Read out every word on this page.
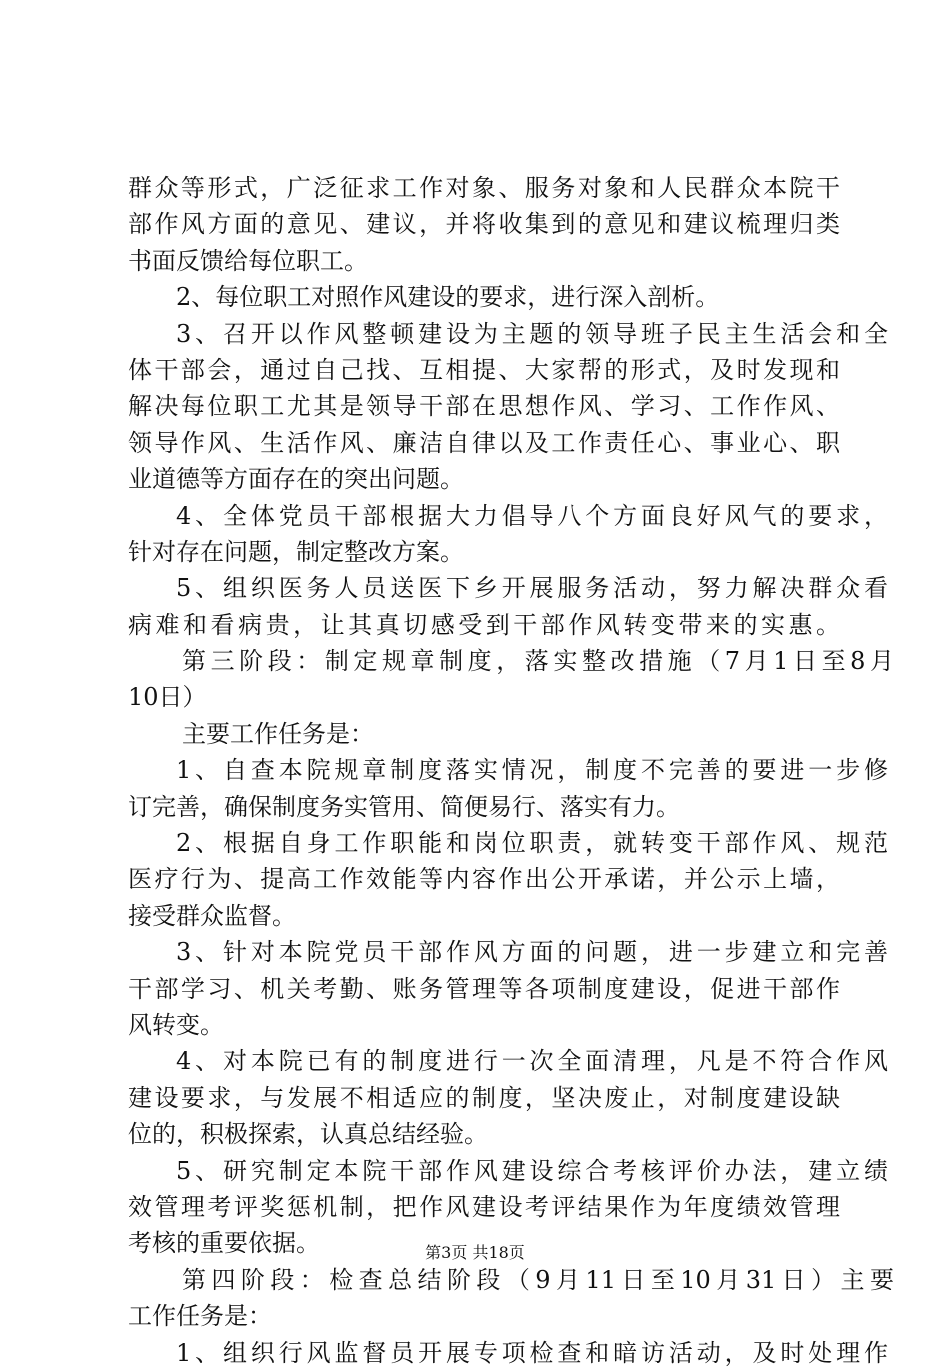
群众等形式，广泛征求工作对象、服务对象和人民群众本院干
部作风方面的意见、建议，并将收集到的意见和建议梳理归类
书面反馈给每位职工。
2、每位职工对照作风建设的要求，进行深入剖析。
3、召开以作风整顿建设为主题的领导班子民主生活会和全
体干部会，通过自己找、互相提、大家帮的形式，及时发现和
解决每位职工尤其是领导干部在思想作风、学习、工作作风、
领导作风、生活作风、廉洁自律以及工作责任心、事业心、职
业道德等方面存在的突出问题。
4、全体党员干部根据大力倡导八个方面良好风气的要求，
针对存在问题，制定整改方案。
5、组织医务人员送医下乡开展服务活动，努力解决群众看
病难和看病贵，让其真切感受到干部作风转变带来的实惠。
第三阶段：制定规章制度，落实整改措施（7月1日至8月
10日）
主要工作任务是：
1、自查本院规章制度落实情况，制度不完善的要进一步修
订完善，确保制度务实管用、简便易行、落实有力。
2、根据自身工作职能和岗位职责，就转变干部作风、规范
医疗行为、提高工作效能等内容作出公开承诺，并公示上墙，
接受群众监督。
3、针对本院党员干部作风方面的问题，进一步建立和完善
干部学习、机关考勤、账务管理等各项制度建设，促进干部作
风转变。
4、对本院已有的制度进行一次全面清理，凡是不符合作风
建设要求，与发展不相适应的制度，坚决废止，对制度建设缺
位的，积极探索，认真总结经验。
5、研究制定本院干部作风建设综合考核评价办法，建立绩
效管理考评奖惩机制，把作风建设考评结果作为年度绩效管理
考核的重要依据。
第四阶段：检查总结阶段（9月11日至10月31日）主要
工作任务是：
1、组织行风监督员开展专项检查和暗访活动，及时处理作
第3页 共18页
